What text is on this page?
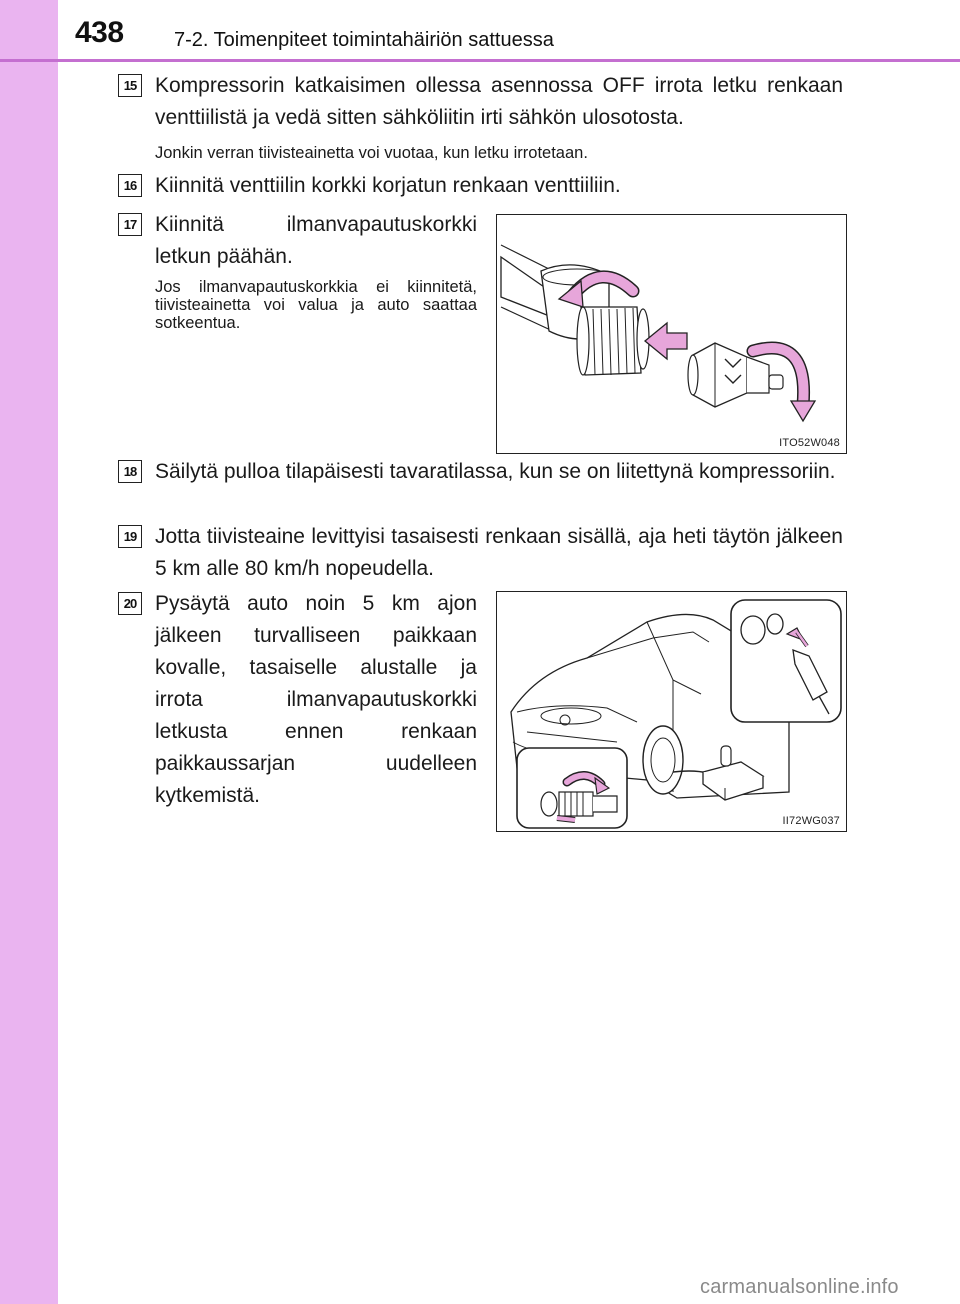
438	7-2. Toimenpiteet toimintahäiriön sattuessa
15 Kompressorin katkaisimen ollessa asennossa OFF irrota letku renkaan venttiilistä ja vedä sitten sähköliitin irti sähkön ulosotosta.
Jonkin verran tiivisteainetta voi vuotaa, kun letku irrotetaan.
16 Kiinnitä venttiilin korkki korjatun renkaan venttiiliin.
17 Kiinnitä ilmanvapautuskorkki letkun päähän.
Jos ilmanvapautuskorkkia ei kiinnitetä, tiivisteainetta voi valua ja auto saattaa sotkeentua.
ITO52W048
18 Säilytä pulloa tilapäisesti tavaratilassa, kun se on liitettynä kompressoriin.
19 Jotta tiivisteaine levittyisi tasaisesti renkaan sisällä, aja heti täytön jälkeen 5 km alle 80 km/h nopeudella.
20 Pysäytä auto noin 5 km ajon jälkeen turvalliseen paikkaan kovalle, tasaiselle alustalle ja irrota ilmanvapautuskorkki letkusta ennen renkaan paikkaussarjan uudelleen kytkemistä.
II72WG037
carmanualsonline.info
